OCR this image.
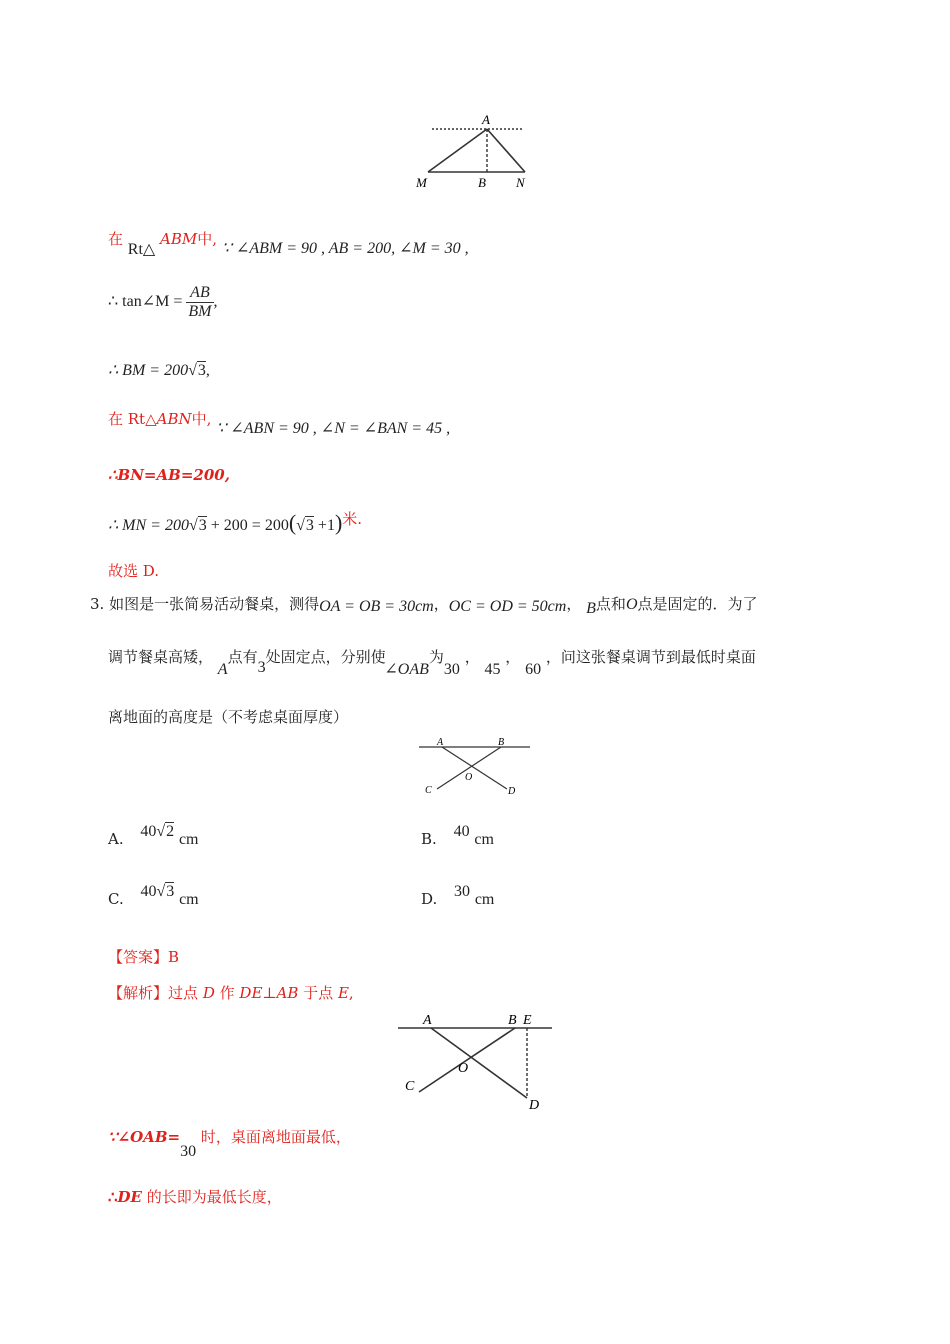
A
M	B N
在 Rt△ ABM中, ∵ ∠ABM = 90 , AB = 200, ∠M = 30 ,
∴ tan∠M = $\frac{AB}{BM}$ ,
∴ BM = 200√3,
在 Rt△ABN中, ∵ ∠ABN = 90 , ∠N = ∠BAN = 45 ,
∴BN=AB=200,
∴ MN = 200√3 + 200 = 200(√3 +1)米.
故选 D.
3. 如图是一张简易活动餐桌，测得OA = OB = 30cm，OC = OD = 50cm， B点和O点是固定的．为了
调节餐桌高矮， A点有3处固定点，分别使 ∠OAB为30 ， 45 ， 60 ，问这张餐桌调节到最低时桌面
离地面的高度是（不考虑桌面厚度）
A	B
O
C	D
A. 40√2 cm	B. 40 cm
C. 40√3 cm	D. 30 cm
【答案】B
【解析】过点 D 作 DE⊥AB 于点 E,
A	B E
O
C
D
∵∠OAB=30 时，桌面离地面最低，
∴DE 的长即为最低长度，
